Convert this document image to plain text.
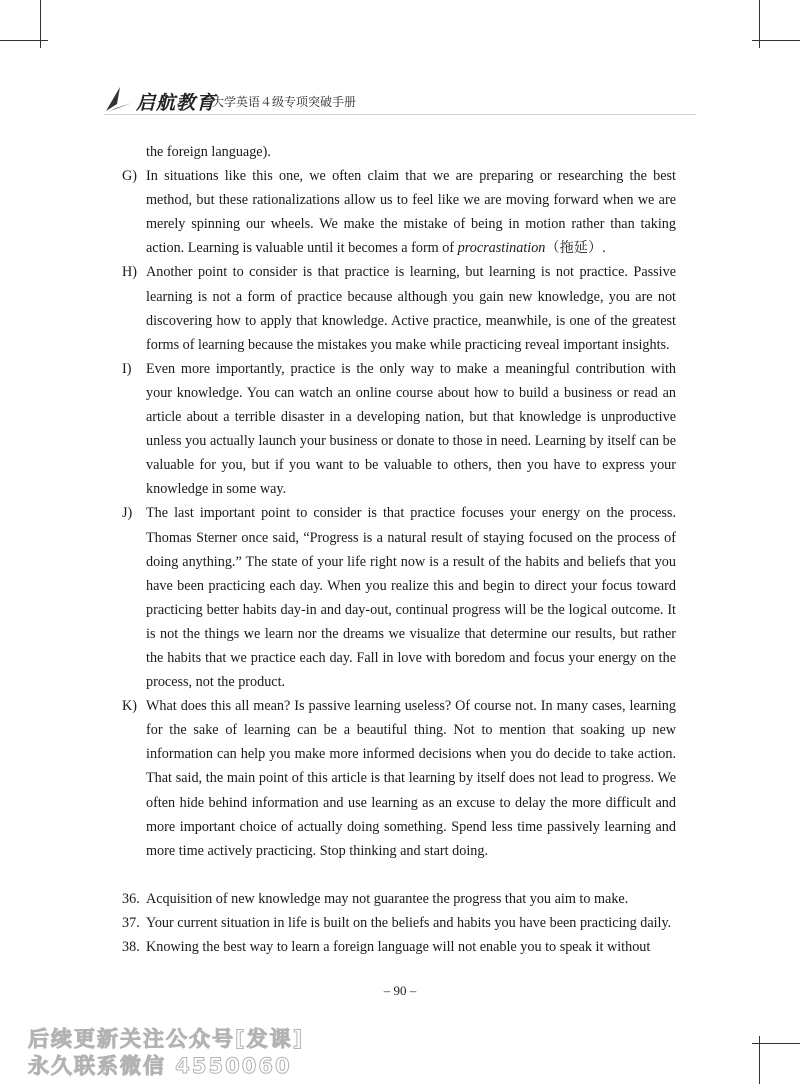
启航教育
大学英语４级专项突破手册

the foreign language).

G) In situations like this one, we often claim that we are preparing or researching the best method, but these rationalizations allow us to feel like we are moving forward when we are merely spinning our wheels. We make the mistake of being in motion rather than taking action. Learning is valuable until it becomes a form of procrastination（拖延）.

H) Another point to consider is that practice is learning, but learning is not practice. Passive learning is not a form of practice because although you gain new knowledge, you are not discovering how to apply that knowledge. Active practice, meanwhile, is one of the greatest forms of learning because the mistakes you make while practicing reveal important insights.

I) Even more importantly, practice is the only way to make a meaningful contribution with your knowledge. You can watch an online course about how to build a business or read an article about a terrible disaster in a developing nation, but that knowledge is unproductive unless you actually launch your business or donate to those in need. Learning by itself can be valuable for you, but if you want to be valuable to others, then you have to express your knowledge in some way.

J) The last important point to consider is that practice focuses your energy on the process. Thomas Sterner once said, “Progress is a natural result of staying focused on the process of doing anything.” The state of your life right now is a result of the habits and beliefs that you have been practicing each day. When you realize this and begin to direct your focus toward practicing better habits day-in and day-out, continual progress will be the logical outcome. It is not the things we learn nor the dreams we visualize that determine our results, but rather the habits that we practice each day. Fall in love with boredom and focus your energy on the process, not the product.

K) What does this all mean? Is passive learning useless? Of course not. In many cases, learning for the sake of learning can be a beautiful thing. Not to mention that soaking up new information can help you make more informed decisions when you do decide to take action. That said, the main point of this article is that learning by itself does not lead to progress. We often hide behind information and use learning as an excuse to delay the more difficult and more important choice of actually doing something. Spend less time passively learning and more time actively practicing. Stop thinking and start doing.

36. Acquisition of new knowledge may not guarantee the progress that you aim to make.

37. Your current situation in life is built on the beliefs and habits you have been practicing daily.

38. Knowing the best way to learn a foreign language will not enable you to speak it without

– 90 –
后续更新关注公众号[发课]
永久联系微信 4550060
